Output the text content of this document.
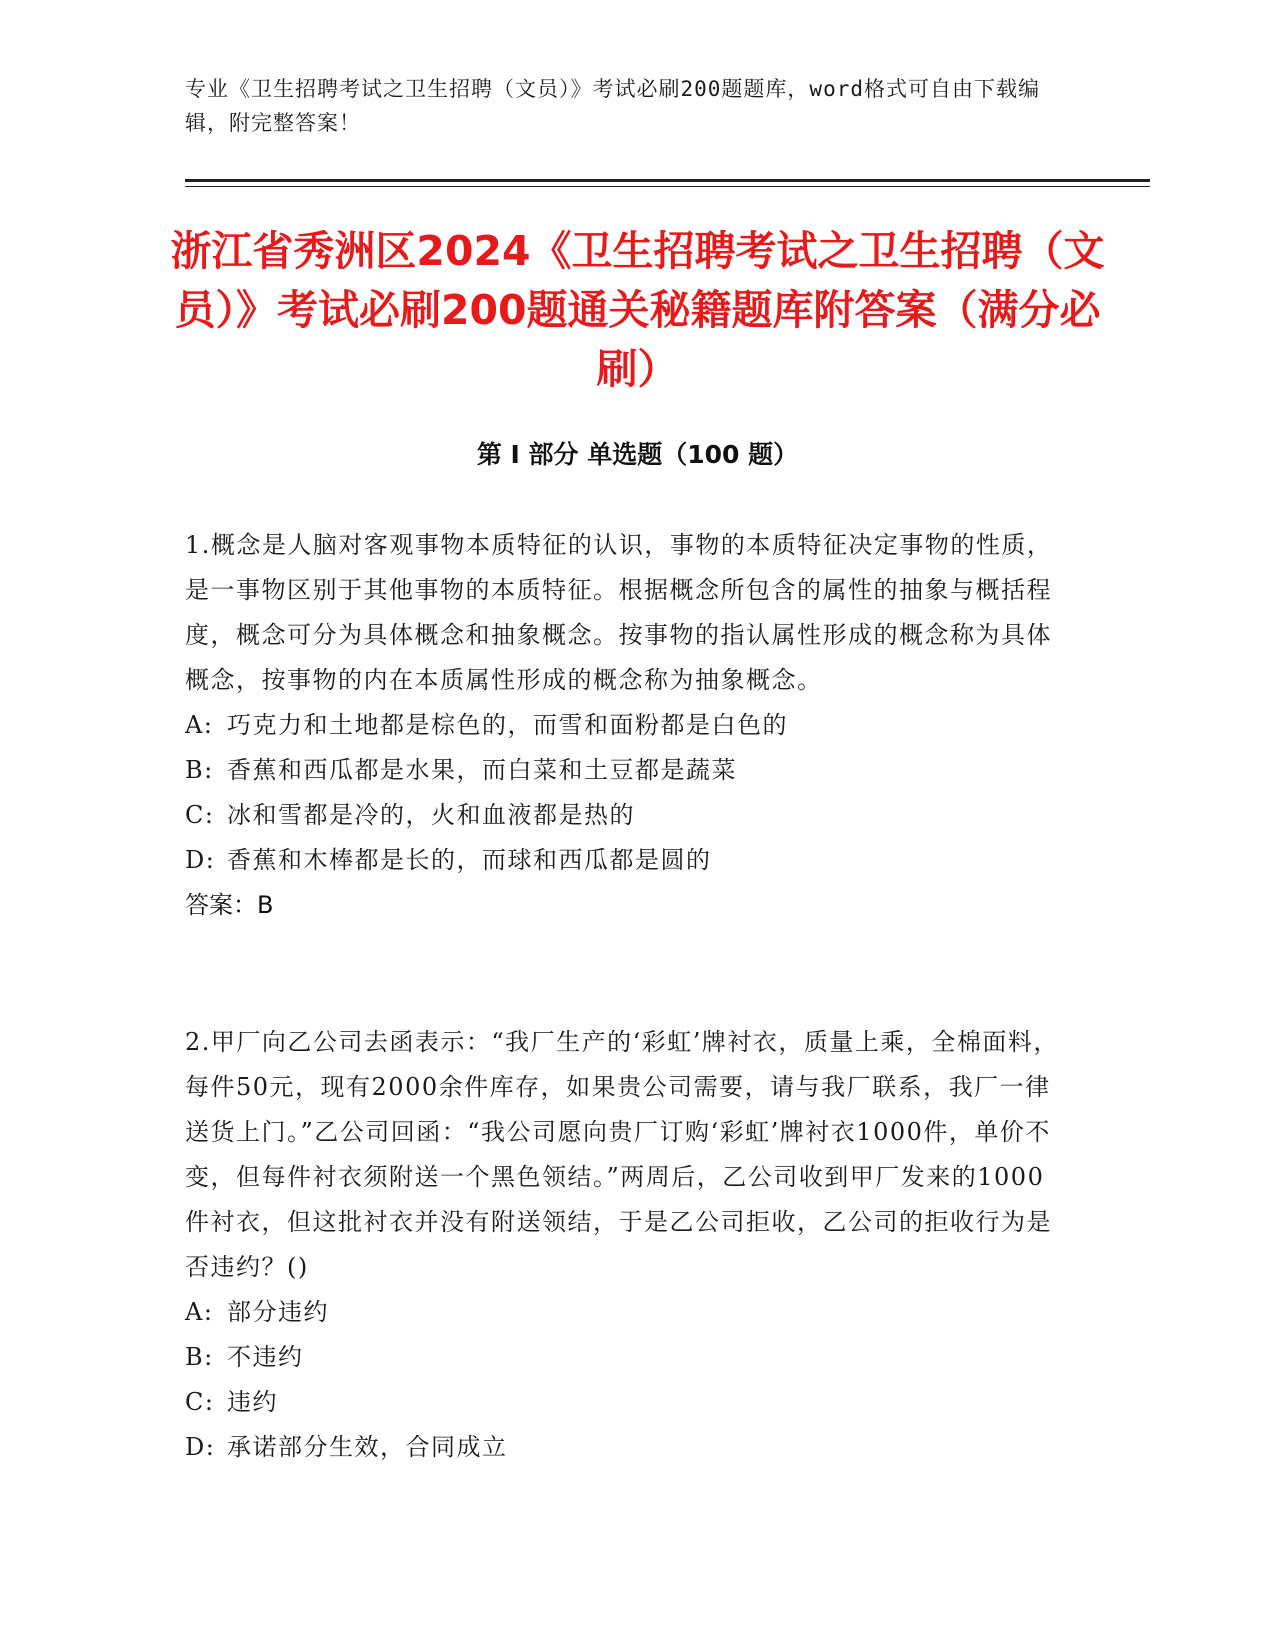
专业《卫生招聘考试之卫生招聘（文员）》考试必刷200题题库，word格式可自由下载编辑，附完整答案！
浙江省秀洲区2024《卫生招聘考试之卫生招聘（文员）》考试必刷200题通关秘籍题库附答案（满分必刷）
第 I 部分 单选题（100 题）

1.概念是人脑对客观事物本质特征的认识，事物的本质特征决定事物的性质，是一事物区别于其他事物的本质特征。根据概念所包含的属性的抽象与概括程度，概念可分为具体概念和抽象概念。按事物的指认属性形成的概念称为具体概念，按事物的内在本质属性形成的概念称为抽象概念。

A: 巧克力和土地都是棕色的，而雪和面粉都是白色的

B: 香蕉和西瓜都是水果，而白菜和土豆都是蔬菜

C: 冰和雪都是冷的，火和血液都是热的

D: 香蕉和木棒都是长的，而球和西瓜都是圆的

答案：B

2.甲厂向乙公司去函表示：“我厂生产的‘彩虹’牌衬衣，质量上乘，全棉面料，每件50元，现有2000余件库存，如果贵公司需要，请与我厂联系，我厂一律送货上门。”乙公司回函：“我公司愿向贵厂订购‘彩虹’牌衬衣1000件，单价不变，但每件衬衣须附送一个黑色领结。”两周后，乙公司收到甲厂发来的1000件衬衣，但这批衬衣并没有附送领结，于是乙公司拒收，乙公司的拒收行为是否违约？()

A: 部分违约

B: 不违约

C: 违约

D: 承诺部分生效，合同成立
